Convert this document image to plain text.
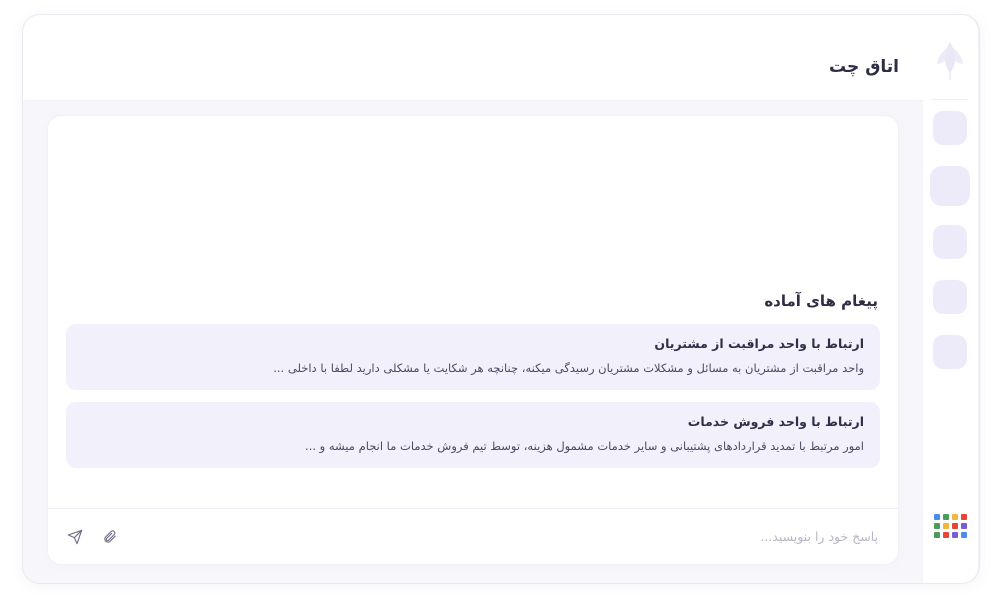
اتاق چت
پیغام های آماده
ارتباط با واحد مراقبت از مشتریان
واحد مراقبت از مشتریان به مسائل و مشکلات مشتریان رسیدگی میکنه، چنانچه هر شکایت یا مشکلی دارید لطفا با داخلی ...
ارتباط با واحد فروش خدمات
امور مرتبط با تمدید قراردادهای پشتیبانی و سایر خدمات مشمول هزینه، توسط تیم فروش خدمات ما انجام میشه و ...
پاسخ خود را بنویسید...
